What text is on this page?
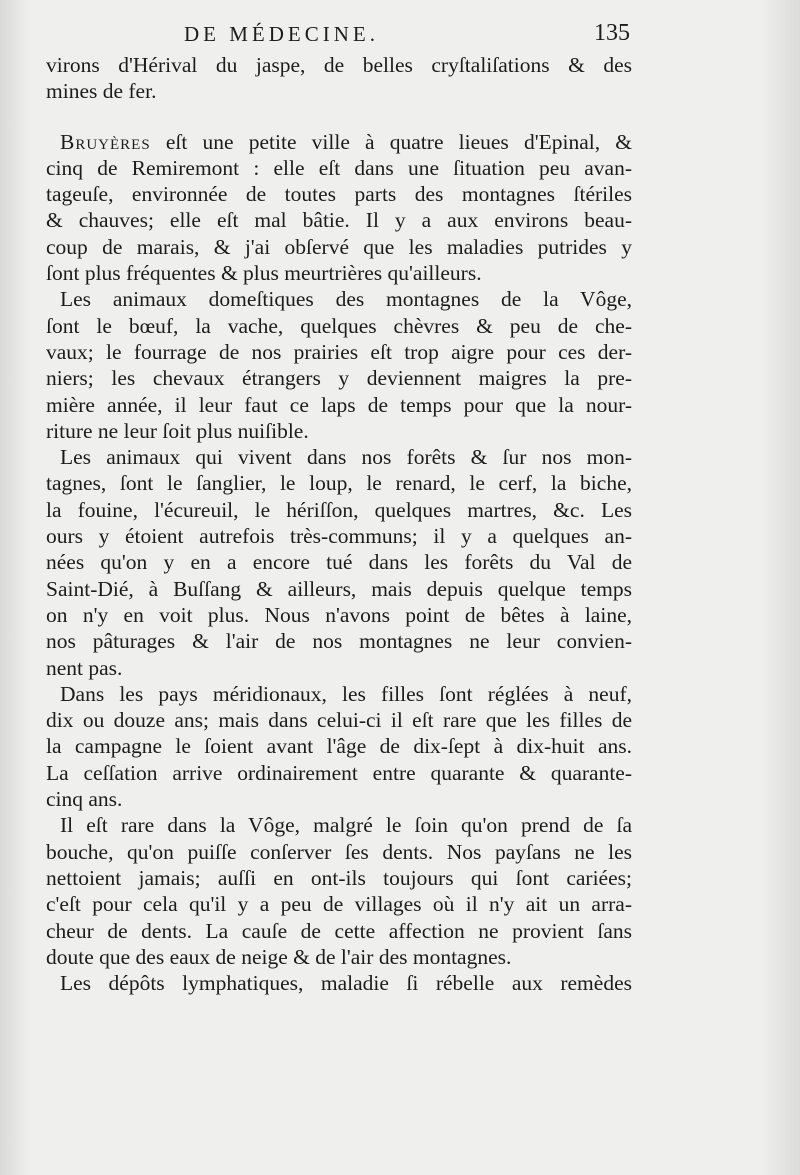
DE MÉDECINE.	135
virons d'Hérival du jaspe, de belles cryſtaliſations & des
mines de fer.
Bruyères eſt une petite ville à quatre lieues d'Epinal, &
cinq de Remiremont : elle eſt dans une ſituation peu avan-
tageuſe, environnée de toutes parts des montagnes ſtériles
& chauves; elle eſt mal bâtie. Il y a aux environs beau-
coup de marais, & j'ai obſervé que les maladies putrides y
ſont plus fréquentes & plus meurtrières qu'ailleurs.
Les animaux domeſtiques des montagnes de la Vôge,
ſont le bœuf, la vache, quelques chèvres & peu de che-
vaux; le fourrage de nos prairies eſt trop aigre pour ces der-
niers; les chevaux étrangers y deviennent maigres la pre-
mière année, il leur faut ce laps de temps pour que la nour-
riture ne leur ſoit plus nuiſible.
Les animaux qui vivent dans nos forêts & ſur nos mon-
tagnes, ſont le ſanglier, le loup, le renard, le cerf, la biche,
la fouine, l'écureuil, le hériſſon, quelques martres, &c. Les
ours y étoient autrefois très-communs; il y a quelques an-
nées qu'on y en a encore tué dans les forêts du Val de
Saint-Dié, à Buſſang & ailleurs, mais depuis quelque temps
on n'y en voit plus. Nous n'avons point de bêtes à laine,
nos pâturages & l'air de nos montagnes ne leur convien-
nent pas.
Dans les pays méridionaux, les filles ſont réglées à neuf,
dix ou douze ans; mais dans celui-ci il eſt rare que les filles de
la campagne le ſoient avant l'âge de dix-ſept à dix-huit ans.
La ceſſation arrive ordinairement entre quarante & quarante-
cinq ans.
Il eſt rare dans la Vôge, malgré le ſoin qu'on prend de ſa
bouche, qu'on puiſſe conſerver ſes dents. Nos payſans ne les
nettoient jamais; auſſi en ont-ils toujours qui ſont cariées;
c'eſt pour cela qu'il y a peu de villages où il n'y ait un arra-
cheur de dents. La cauſe de cette affection ne provient ſans
doute que des eaux de neige & de l'air des montagnes.
Les dépôts lymphatiques, maladie ſi rébelle aux remèdes
